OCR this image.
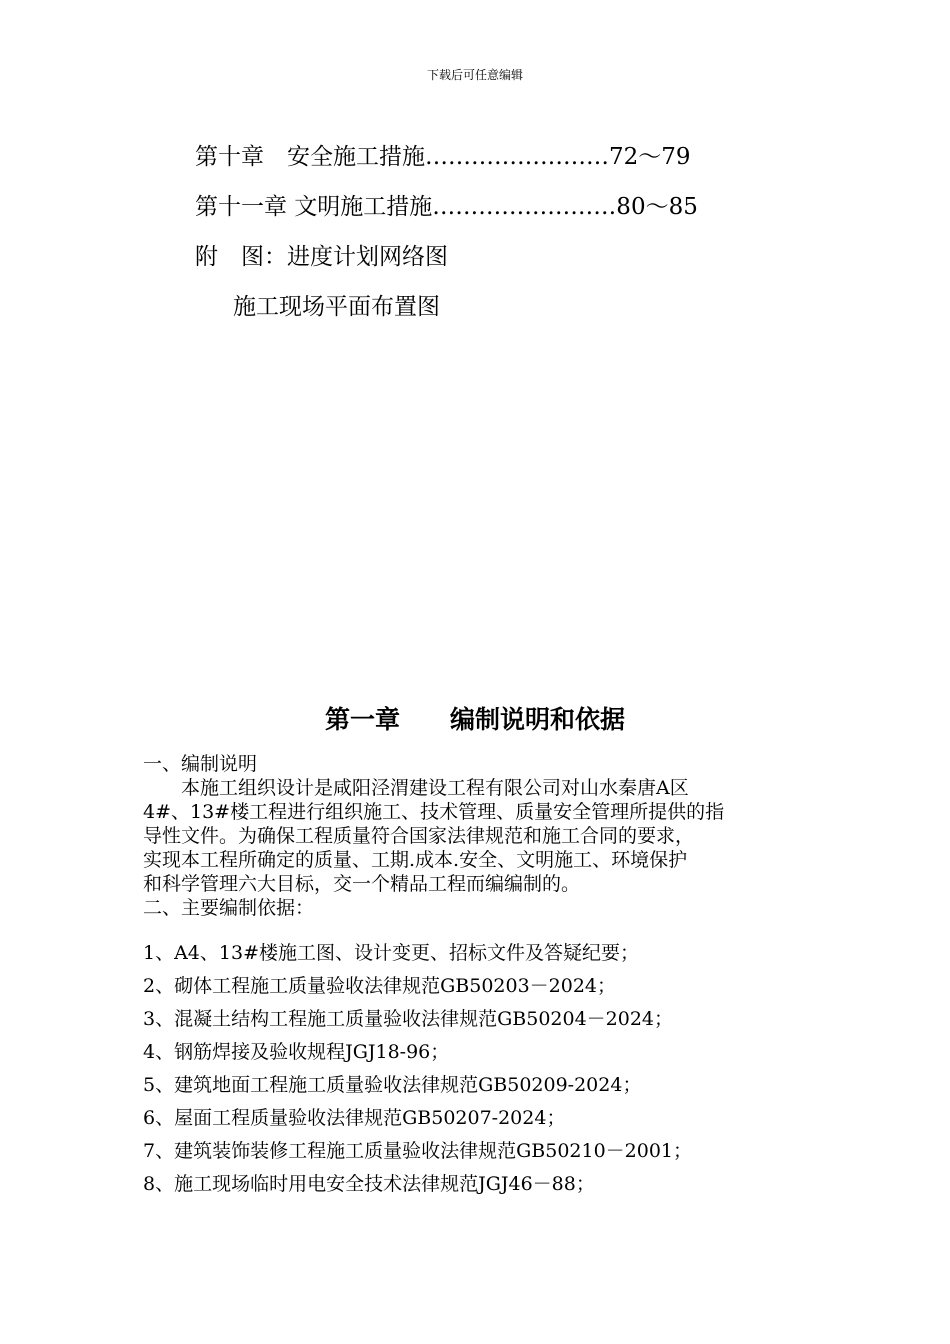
下载后可任意编辑
第十章　安全施工措施……………………72～79
第十一章 文明施工措施……………………80～85
附　图：进度计划网络图
施工现场平面布置图
第一章　　编制说明和依据
一、编制说明
本施工组织设计是咸阳泾渭建设工程有限公司对山水秦唐A区
4#、13#楼工程进行组织施工、技术管理、质量安全管理所提供的指
导性文件。为确保工程质量符合国家法律规范和施工合同的要求，
实现本工程所确定的质量、工期.成本.安全、文明施工、环境保护
和科学管理六大目标，交一个精品工程而编编制的。
二、主要编制依据：
1、A4、13#楼施工图、设计变更、招标文件及答疑纪要；
2、砌体工程施工质量验收法律规范GB50203－2024；
3、混凝土结构工程施工质量验收法律规范GB50204－2024；
4、钢筋焊接及验收规程JGJ18-96；
5、建筑地面工程施工质量验收法律规范GB50209-2024；
6、屋面工程质量验收法律规范GB50207-2024；
7、建筑装饰装修工程施工质量验收法律规范GB50210－2001；
8、施工现场临时用电安全技术法律规范JGJ46－88；
